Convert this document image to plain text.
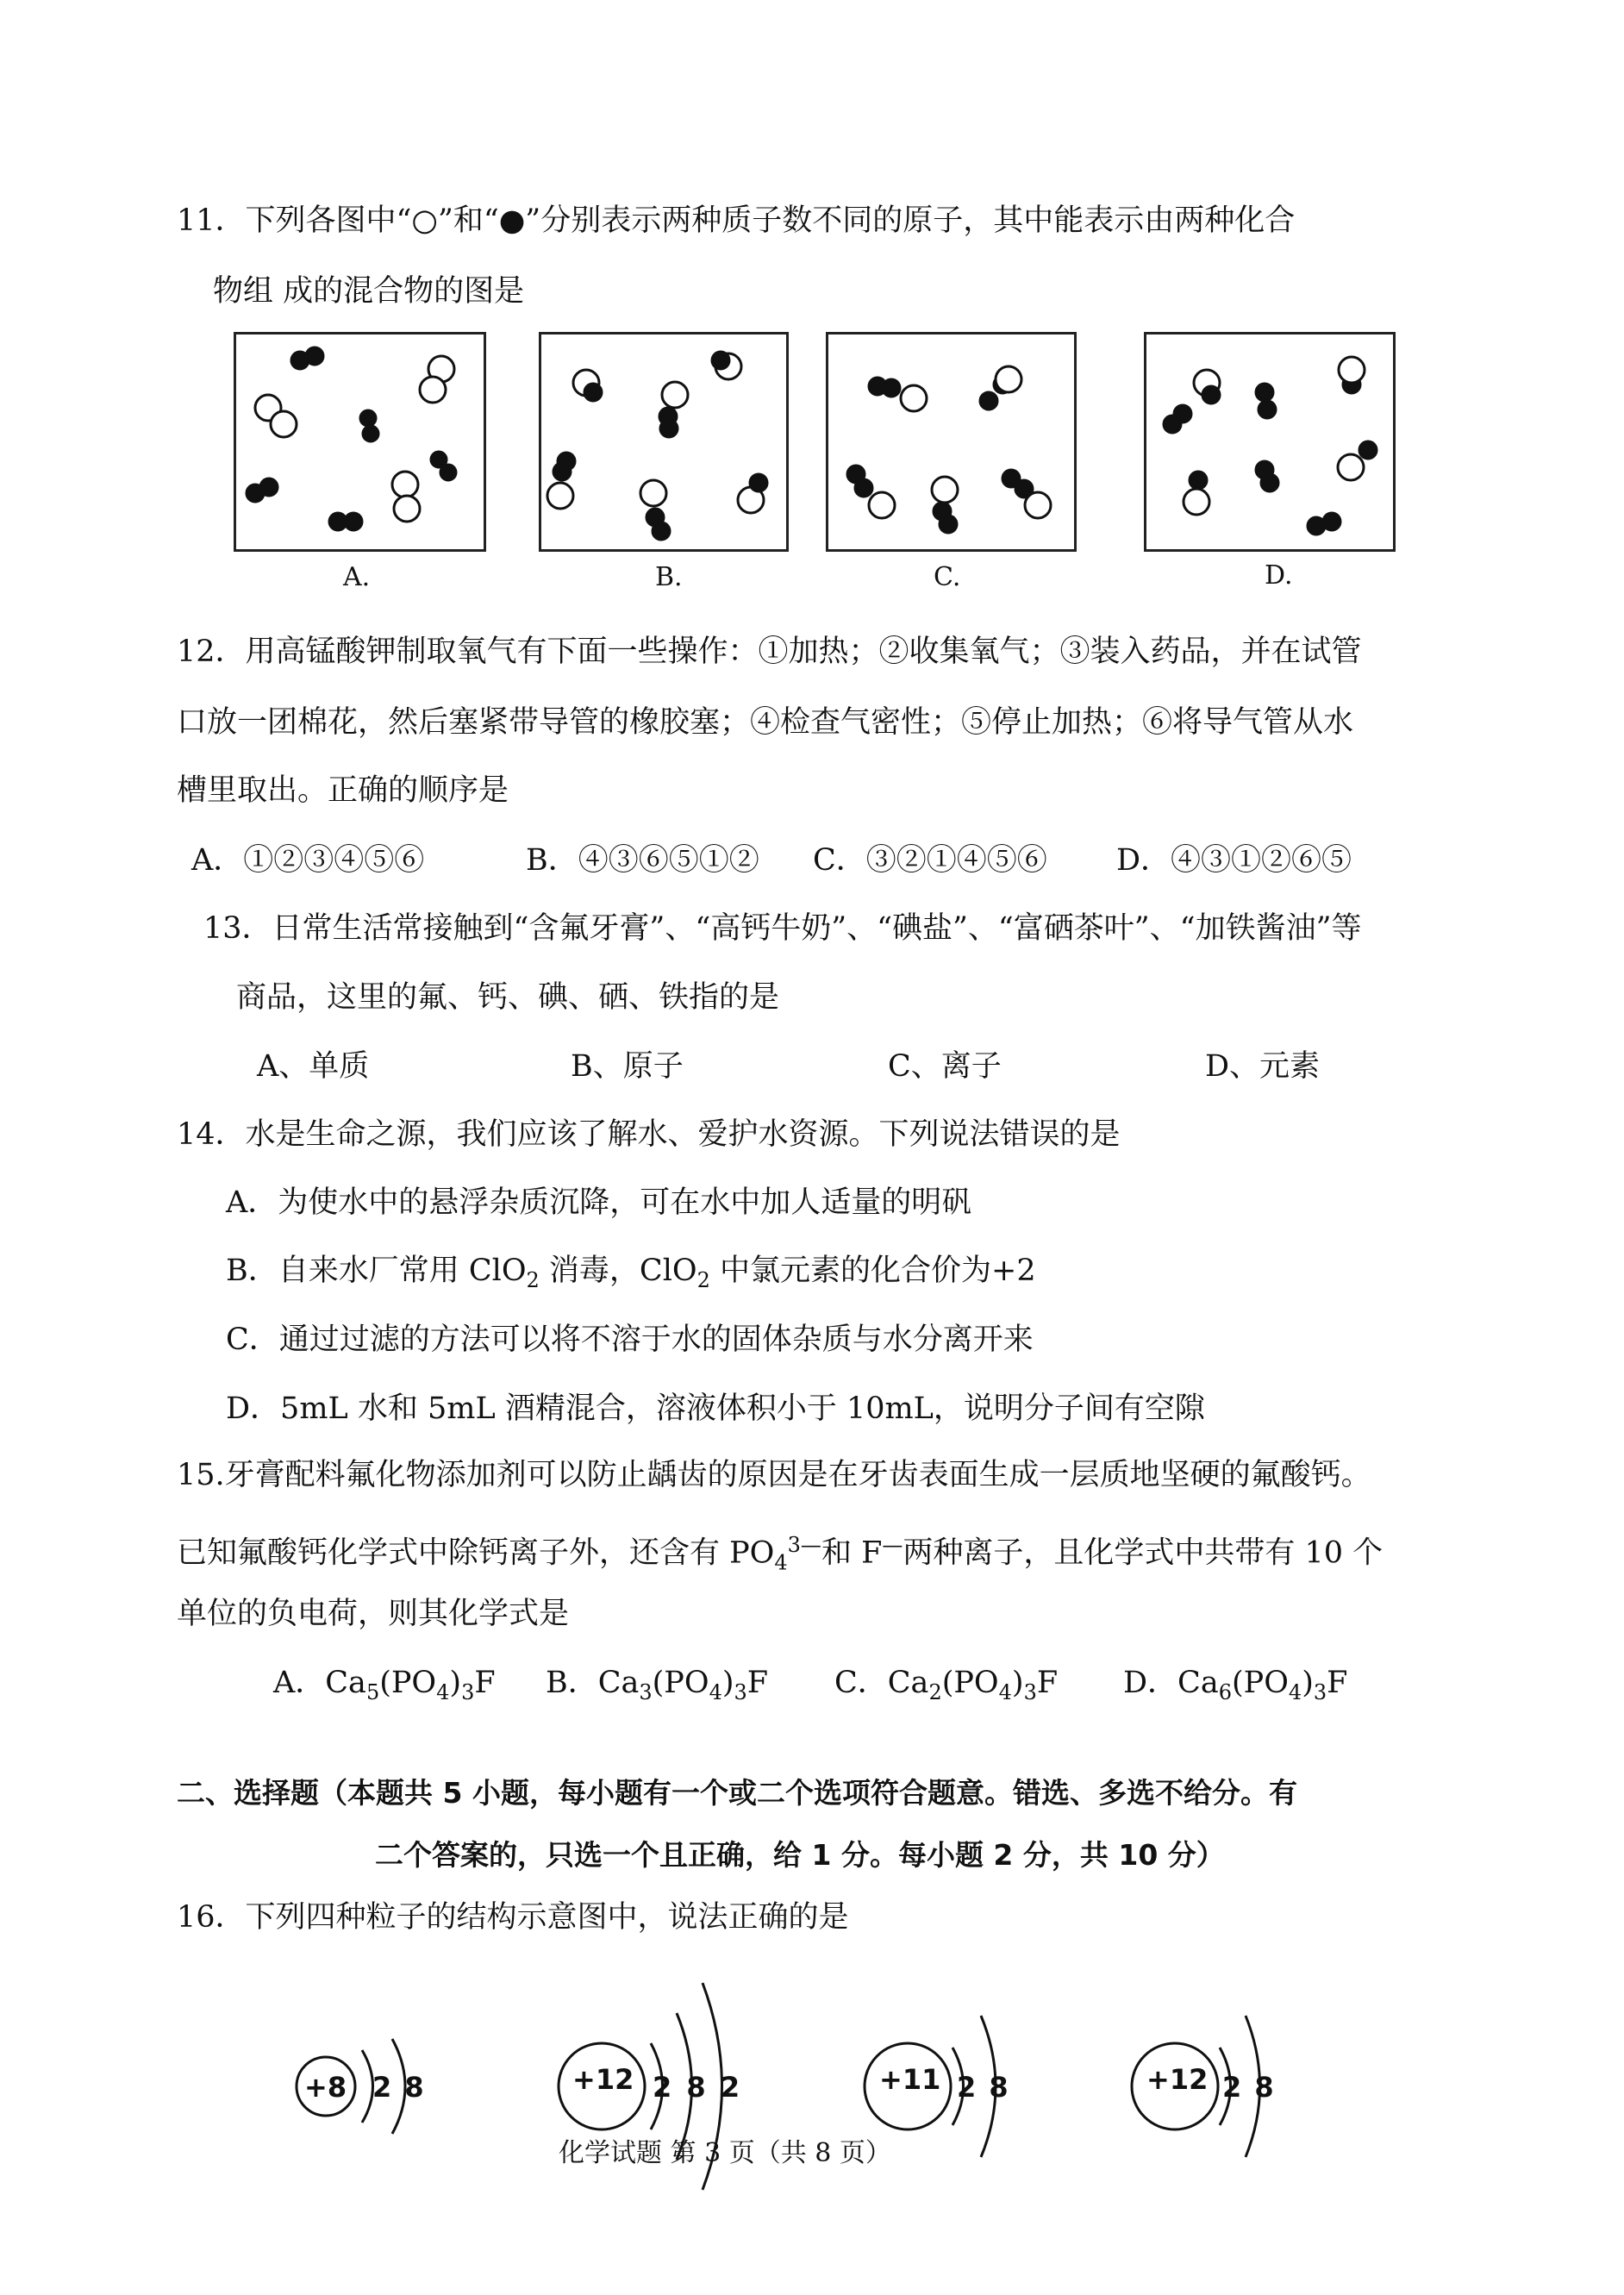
11．下列各图中“○”和“●”分别表示两种质子数不同的原子，其中能表示由两种化合
物组 成的混合物的图是
A.	B.	C.	D.
12．用高锰酸钾制取氧气有下面一些操作：①加热；②收集氧气；③装入药品，并在试管
口放一团棉花，然后塞紧带导管的橡胶塞；④检查气密性；⑤停止加热；⑥将导气管从水
槽里取出。正确的顺序是
A．①②③④⑤⑥	B．④③⑥⑤①② C．③②①④⑤⑥ D．④③①②⑥⑤
13．日常生活常接触到“含氟牙膏”、“高钙牛奶”、“碘盐”、“富硒茶叶”、“加铁酱油”等
商品，这里的氟、钙、碘、硒、铁指的是
A、单质	B、原子	C、离子	D、元素
14．水是生命之源，我们应该了解水、爱护水资源。下列说法错误的是
A．为使水中的悬浮杂质沉降，可在水中加人适量的明矾
B．自来水厂常用 ClO$_2$ 消毒，ClO$_2$ 中氯元素的化合价为+2
C．通过过滤的方法可以将不溶于水的固体杂质与水分离开来
D．5mL 水和 5mL 酒精混合，溶液体积小于 10mL，说明分子间有空隙
15.牙膏配料氟化物添加剂可以防止龋齿的原因是在牙齿表面生成一层质地坚硬的氟酸钙。
已知氟酸钙化学式中除钙离子外，还含有 $PO_4^{3—}$和 F—两种离子，且化学式中共带有 10 个
单位的负电荷，则其化学式是
A．$Ca_5(PO_4)_3F$ B．$Ca_3(PO_4)_3F$ C．$Ca_2(PO_4)_3F$ D．$Ca_6(PO_4)_3F$
二、选择题（本题共 5 小题，每小题有一个或二个选项符合题意。错选、多选不给分。有
二个答案的，只选一个且正确，给 1 分。每小题 2 分，共 10 分）
16．下列四种粒子的结构示意图中，说法正确的是
+8 2 8	+12 2 8 2	+11 2 8	+12 2 8
化学试题 第 3 页（共 8 页）
